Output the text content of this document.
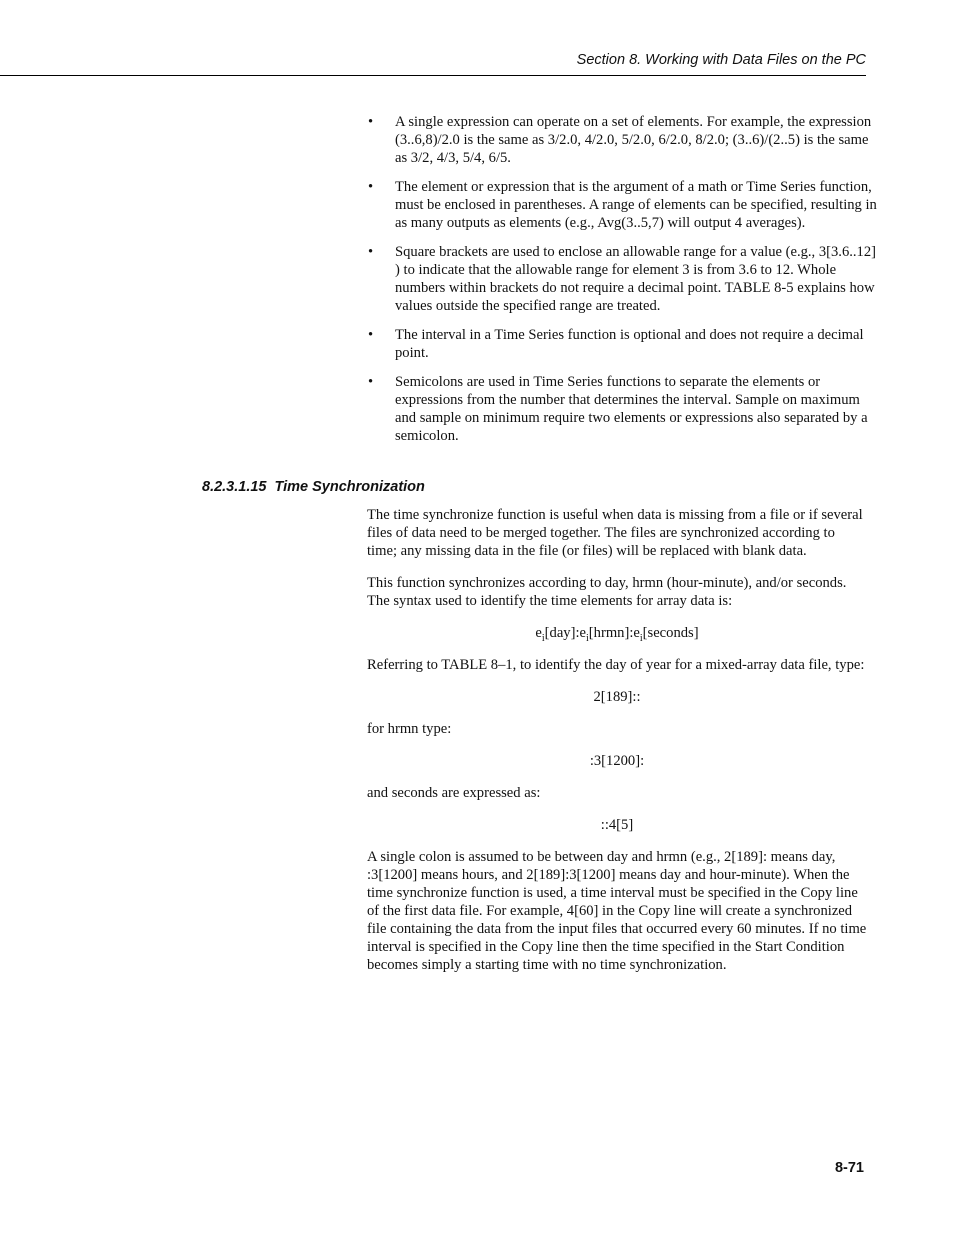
Section 8. Working with Data Files on the PC
• A single expression can operate on a set of elements. For example, the expression (3..6,8)/2.0 is the same as 3/2.0, 4/2.0, 5/2.0, 6/2.0, 8/2.0; (3..6)/(2..5) is the same as 3/2, 4/3, 5/4, 6/5.
• The element or expression that is the argument of a math or Time Series function, must be enclosed in parentheses. A range of elements can be specified, resulting in as many outputs as elements (e.g., Avg(3..5,7) will output 4 averages).
• Square brackets are used to enclose an allowable range for a value (e.g., 3[3.6..12] ) to indicate that the allowable range for element 3 is from 3.6 to 12. Whole numbers within brackets do not require a decimal point. TABLE 8-5 explains how values outside the specified range are treated.
• The interval in a Time Series function is optional and does not require a decimal point.
• Semicolons are used in Time Series functions to separate the elements or expressions from the number that determines the interval. Sample on maximum and sample on minimum require two elements or expressions also separated by a semicolon.
8.2.3.1.15 Time Synchronization

The time synchronize function is useful when data is missing from a file or if several files of data need to be merged together. The files are synchronized according to time; any missing data in the file (or files) will be replaced with blank data.

This function synchronizes according to day, hrmn (hour-minute), and/or seconds. The syntax used to identify the time elements for array data is:

$e_i[day]:e_i[hrmn]:e_i[seconds]$

Referring to TABLE 8–1, to identify the day of year for a mixed-array data file, type:

2[189]::

for hrmn type:

:3[1200]:

and seconds are expressed as:

::4[5]

A single colon is assumed to be between day and hrmn (e.g., 2[189]: means day, :3[1200] means hours, and 2[189]:3[1200] means day and hour-minute). When the time synchronize function is used, a time interval must be specified in the Copy line of the first data file. For example, 4[60] in the Copy line will create a synchronized file containing the data from the input files that occurred every 60 minutes. If no time interval is specified in the Copy line then the time specified in the Start Condition becomes simply a starting time with no time synchronization.

8-71
